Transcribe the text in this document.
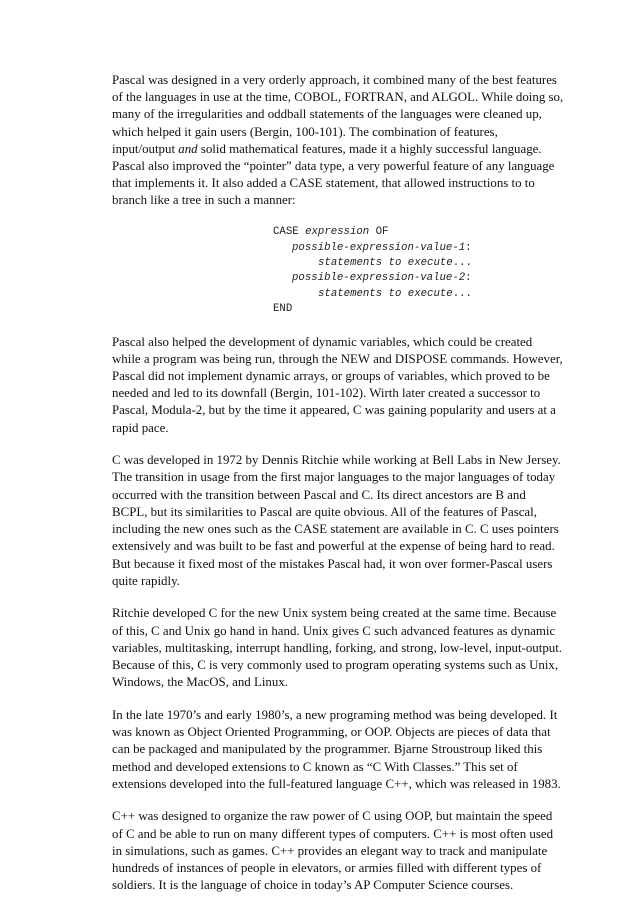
Pascal was designed in a very orderly approach, it combined many of the best features of the languages in use at the time, COBOL, FORTRAN, and ALGOL. While doing so, many of the irregularities and oddball statements of the languages were cleaned up, which helped it gain users (Bergin, 100-101). The combination of features, input/output and solid mathematical features, made it a highly successful language. Pascal also improved the “pointer” data type, a very powerful feature of any language that implements it. It also added a CASE statement, that allowed instructions to to branch like a tree in such a manner:

CASE expression OF
possible-expression-value-1:
statements to execute...
possible-expression-value-2:
statements to execute...
END

Pascal also helped the development of dynamic variables, which could be created while a program was being run, through the NEW and DISPOSE commands. However, Pascal did not implement dynamic arrays, or groups of variables, which proved to be needed and led to its downfall (Bergin, 101-102). Wirth later created a successor to Pascal, Modula-2, but by the time it appeared, C was gaining popularity and users at a rapid pace.

C was developed in 1972 by Dennis Ritchie while working at Bell Labs in New Jersey. The transition in usage from the first major languages to the major languages of today occurred with the transition between Pascal and C. Its direct ancestors are B and BCPL, but its similarities to Pascal are quite obvious. All of the features of Pascal, including the new ones such as the CASE statement are available in C. C uses pointers extensively and was built to be fast and powerful at the expense of being hard to read. But because it fixed most of the mistakes Pascal had, it won over former-Pascal users quite rapidly.

Ritchie developed C for the new Unix system being created at the same time. Because of this, C and Unix go hand in hand. Unix gives C such advanced features as dynamic variables, multitasking, interrupt handling, forking, and strong, low-level, input-output. Because of this, C is very commonly used to program operating systems such as Unix, Windows, the MacOS, and Linux.

In the late 1970’s and early 1980’s, a new programing method was being developed. It was known as Object Oriented Programming, or OOP. Objects are pieces of data that can be packaged and manipulated by the programmer. Bjarne Stroustroup liked this method and developed extensions to C known as “C With Classes.” This set of extensions developed into the full-featured language C++, which was released in 1983.

C++ was designed to organize the raw power of C using OOP, but maintain the speed of C and be able to run on many different types of computers. C++ is most often used in simulations, such as games. C++ provides an elegant way to track and manipulate hundreds of instances of people in elevators, or armies filled with different types of soldiers. It is the language of choice in today’s AP Computer Science courses.
